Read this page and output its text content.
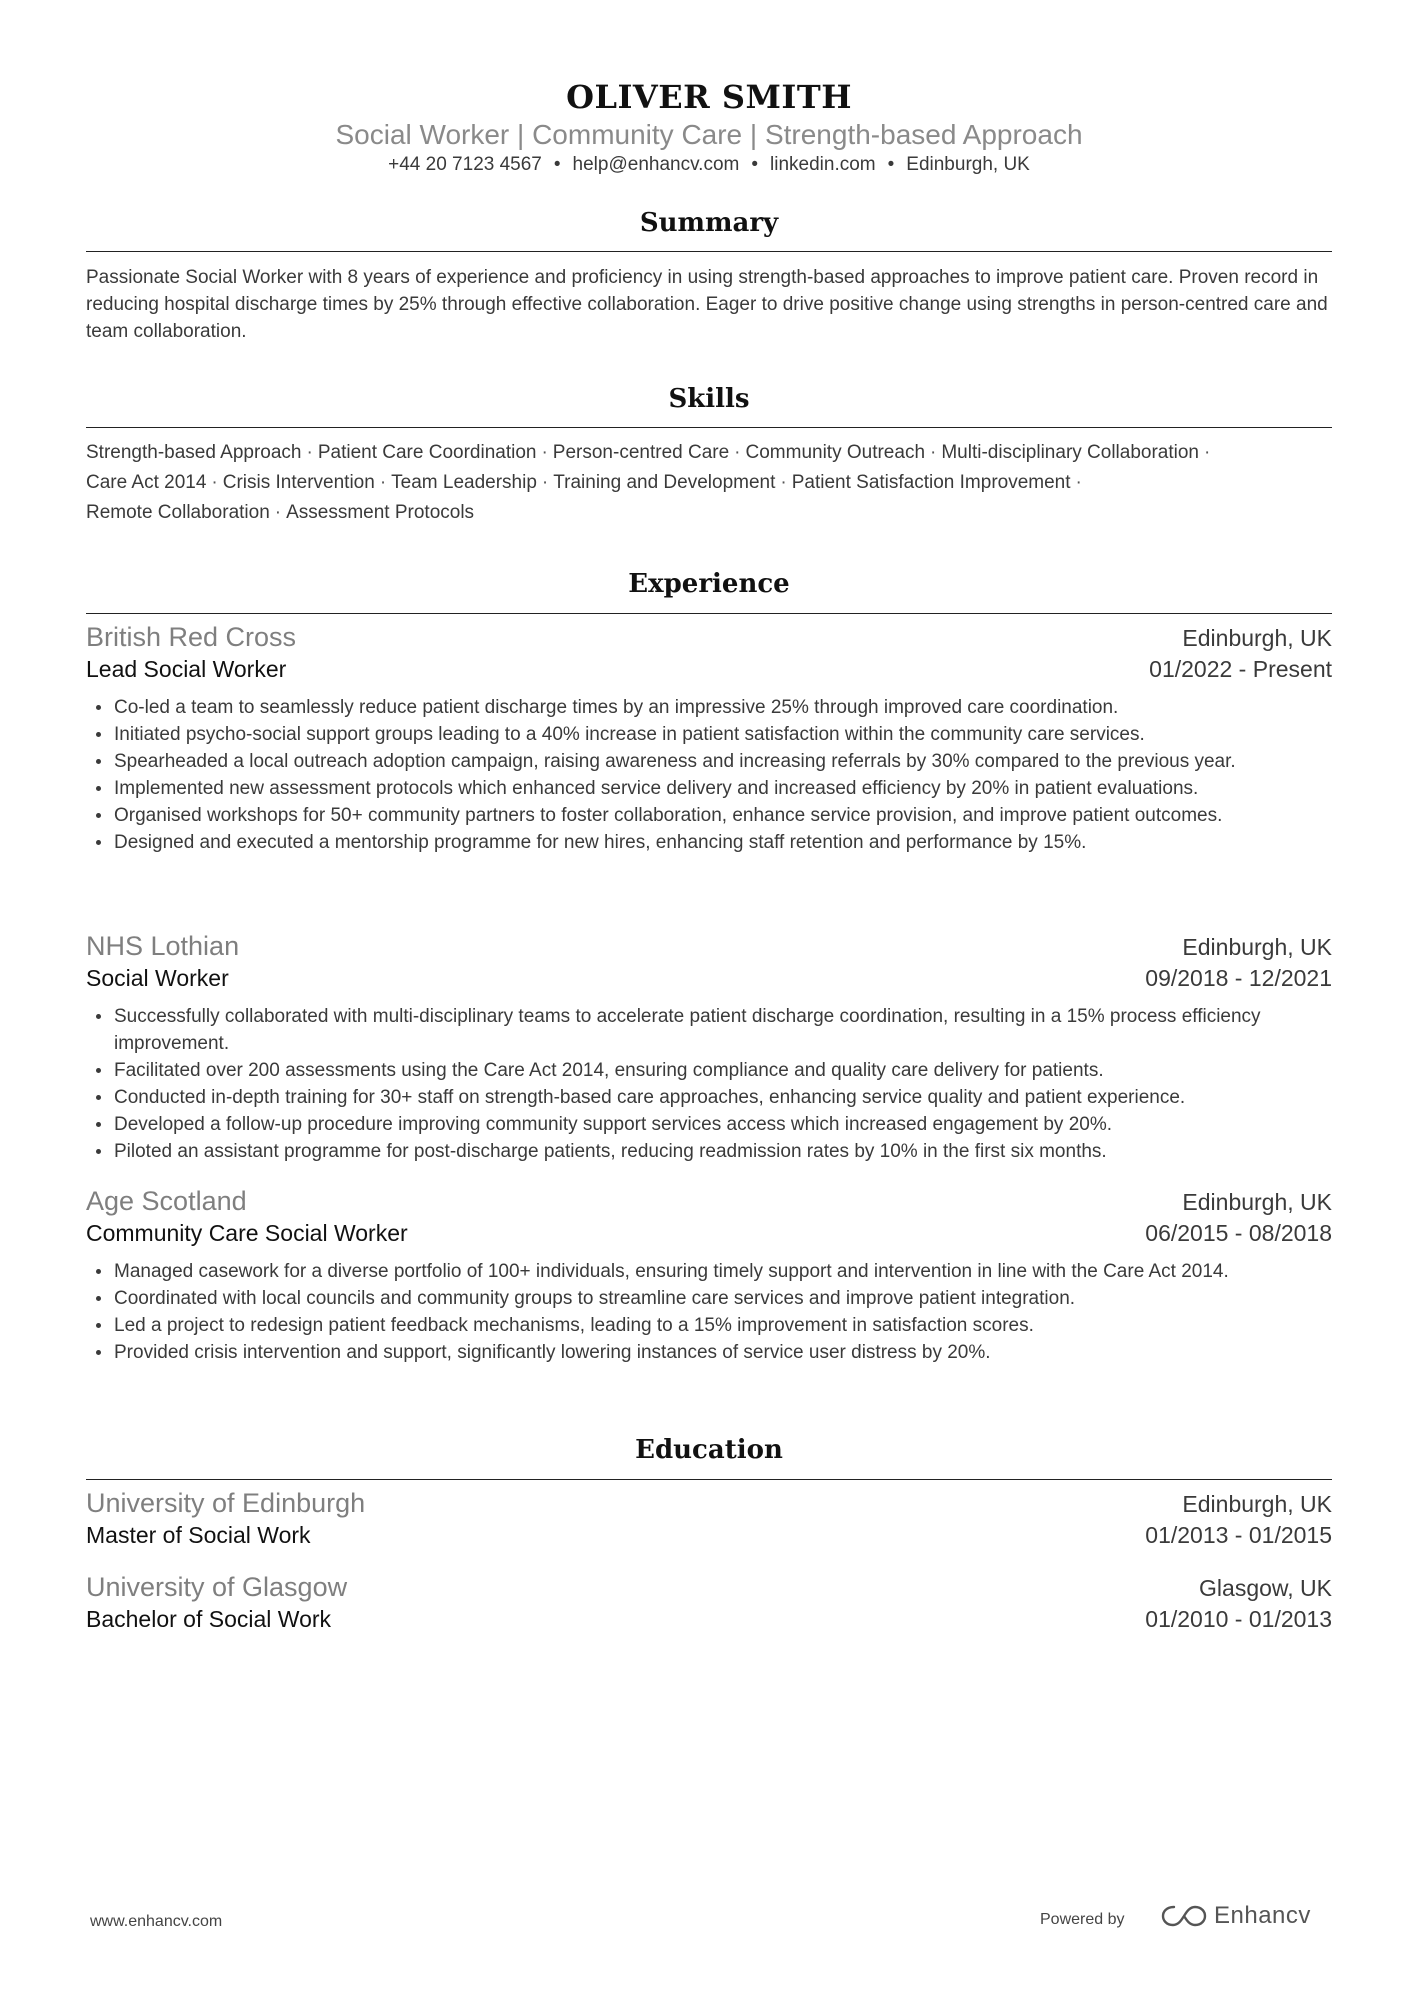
OLIVER SMITH
Social Worker | Community Care | Strength-based Approach
+44 20 7123 4567 • help@enhancv.com • linkedin.com • Edinburgh, UK
Summary
Passionate Social Worker with 8 years of experience and proficiency in using strength-based approaches to improve patient care. Proven record in reducing hospital discharge times by 25% through effective collaboration. Eager to drive positive change using strengths in person-centred care and team collaboration.
Skills
Strength-based Approach · Patient Care Coordination · Person-centred Care · Community Outreach · Multi-disciplinary Collaboration ·
Care Act 2014 · Crisis Intervention · Team Leadership · Training and Development · Patient Satisfaction Improvement ·
Remote Collaboration · Assessment Protocols
Experience
British Red Cross	Edinburgh, UK
Lead Social Worker	01/2022 - Present
Co-led a team to seamlessly reduce patient discharge times by an impressive 25% through improved care coordination.
Initiated psycho-social support groups leading to a 40% increase in patient satisfaction within the community care services.
Spearheaded a local outreach adoption campaign, raising awareness and increasing referrals by 30% compared to the previous year.
Implemented new assessment protocols which enhanced service delivery and increased efficiency by 20% in patient evaluations.
Organised workshops for 50+ community partners to foster collaboration, enhance service provision, and improve patient outcomes.
Designed and executed a mentorship programme for new hires, enhancing staff retention and performance by 15%.
NHS Lothian	Edinburgh, UK
Social Worker	09/2018 - 12/2021
Successfully collaborated with multi-disciplinary teams to accelerate patient discharge coordination, resulting in a 15% process efficiency improvement.
Facilitated over 200 assessments using the Care Act 2014, ensuring compliance and quality care delivery for patients.
Conducted in-depth training for 30+ staff on strength-based care approaches, enhancing service quality and patient experience.
Developed a follow-up procedure improving community support services access which increased engagement by 20%.
Piloted an assistant programme for post-discharge patients, reducing readmission rates by 10% in the first six months.
Age Scotland	Edinburgh, UK
Community Care Social Worker	06/2015 - 08/2018
Managed casework for a diverse portfolio of 100+ individuals, ensuring timely support and intervention in line with the Care Act 2014.
Coordinated with local councils and community groups to streamline care services and improve patient integration.
Led a project to redesign patient feedback mechanisms, leading to a 15% improvement in satisfaction scores.
Provided crisis intervention and support, significantly lowering instances of service user distress by 20%.
Education
University of Edinburgh	Edinburgh, UK
Master of Social Work	01/2013 - 01/2015
University of Glasgow	Glasgow, UK
Bachelor of Social Work	01/2010 - 01/2013
www.enhancv.com	Powered by	Enhancv
